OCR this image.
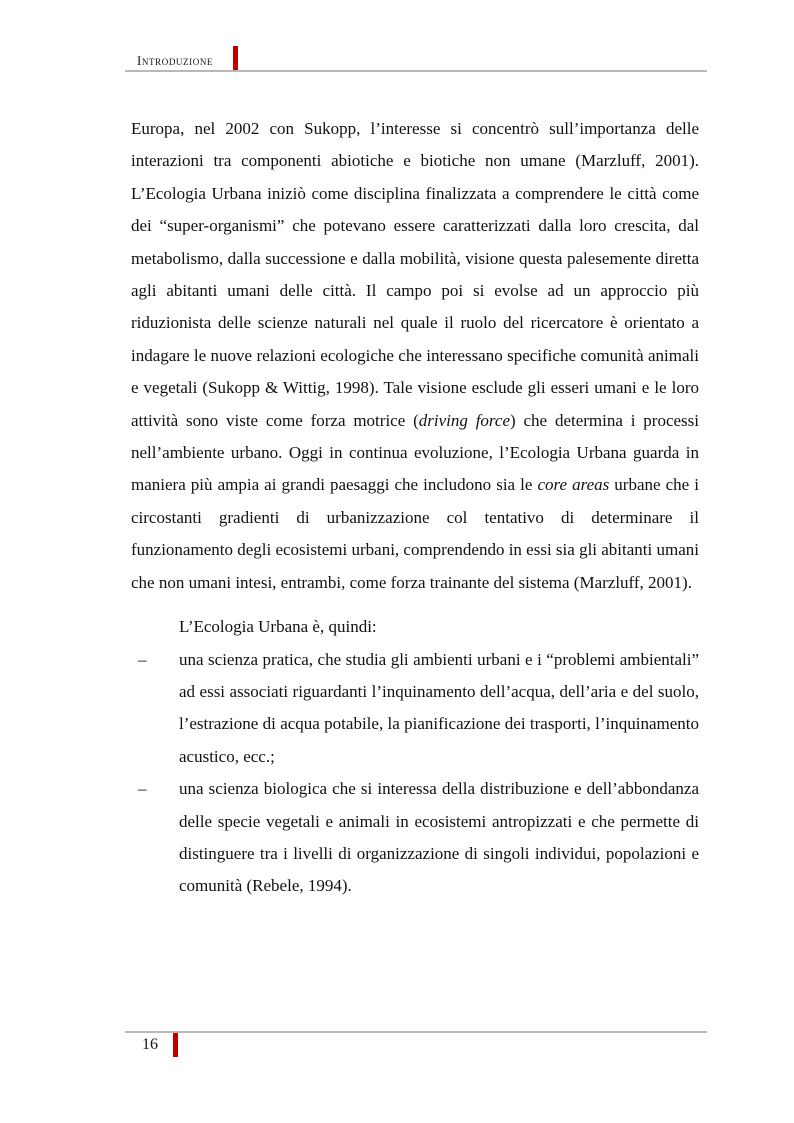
Introduzione

Europa, nel 2002 con Sukopp, l’interesse si concentrò sull’importanza delle interazioni tra componenti abiotiche e biotiche non umane (Marzluff, 2001). L’Ecologia Urbana iniziò come disciplina finalizzata a comprendere le città come dei “super-organismi” che potevano essere caratterizzati dalla loro crescita, dal metabolismo, dalla successione e dalla mobilità, visione questa palesemente diretta agli abitanti umani delle città. Il campo poi si evolse ad un approccio più riduzionista delle scienze naturali nel quale il ruolo del ricercatore è orientato a indagare le nuove relazioni ecologiche che interessano specifiche comunità animali e vegetali (Sukopp & Wittig, 1998). Tale visione esclude gli esseri umani e le loro attività sono viste come forza motrice (driving force) che determina i processi nell’ambiente urbano. Oggi in continua evoluzione, l’Ecologia Urbana guarda in maniera più ampia ai grandi paesaggi che includono sia le core areas urbane che i circostanti gradienti di urbanizzazione col tentativo di determinare il funzionamento degli ecosistemi urbani, comprendendo in essi sia gli abitanti umani che non umani intesi, entrambi, come forza trainante del sistema (Marzluff, 2001).

L’Ecologia Urbana è, quindi:

– una scienza pratica, che studia gli ambienti urbani e i “problemi ambientali” ad essi associati riguardanti l’inquinamento dell’acqua, dell’aria e del suolo, l’estrazione di acqua potabile, la pianificazione dei trasporti, l’inquinamento acustico, ecc.;

– una scienza biologica che si interessa della distribuzione e dell’abbondanza delle specie vegetali e animali in ecosistemi antropizzati e che permette di distinguere tra i livelli di organizzazione di singoli individui, popolazioni e comunità (Rebele, 1994).

16
